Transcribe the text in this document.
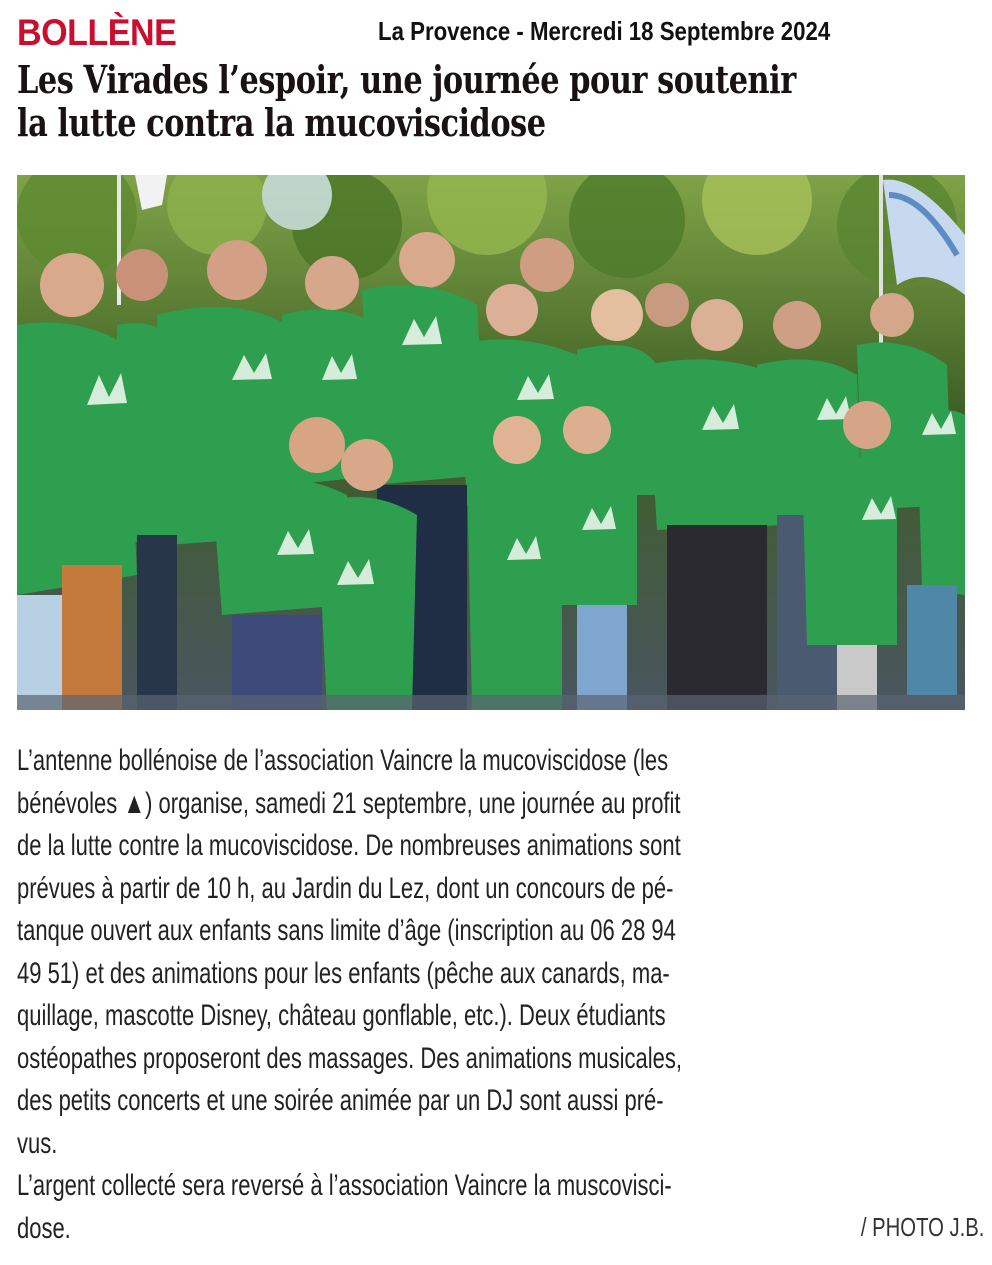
BOLLÈNE	La Provence - Mercredi 18 Septembre 2024
Les Virades l’espoir, une journée pour soutenir
la lutte contra la mucoviscidose
L’antenne bollénoise de l’association Vaincre la mucoviscidose (les
bénévoles ▲) organise, samedi 21 septembre, une journée au profit
de la lutte contre la mucoviscidose. De nombreuses animations sont
prévues à partir de 10 h, au Jardin du Lez, dont un concours de pé-
tanque ouvert aux enfants sans limite d’âge (inscription au 06 28 94
49 51) et des animations pour les enfants (pêche aux canards, ma-
quillage, mascotte Disney, château gonflable, etc.). Deux étudiants
ostéopathes proposeront des massages. Des animations musicales,
des petits concerts et une soirée animée par un DJ sont aussi pré-
vus.
L’argent collecté sera reversé à l’association Vaincre la muscovisci-
dose.	/ PHOTO J.B.
